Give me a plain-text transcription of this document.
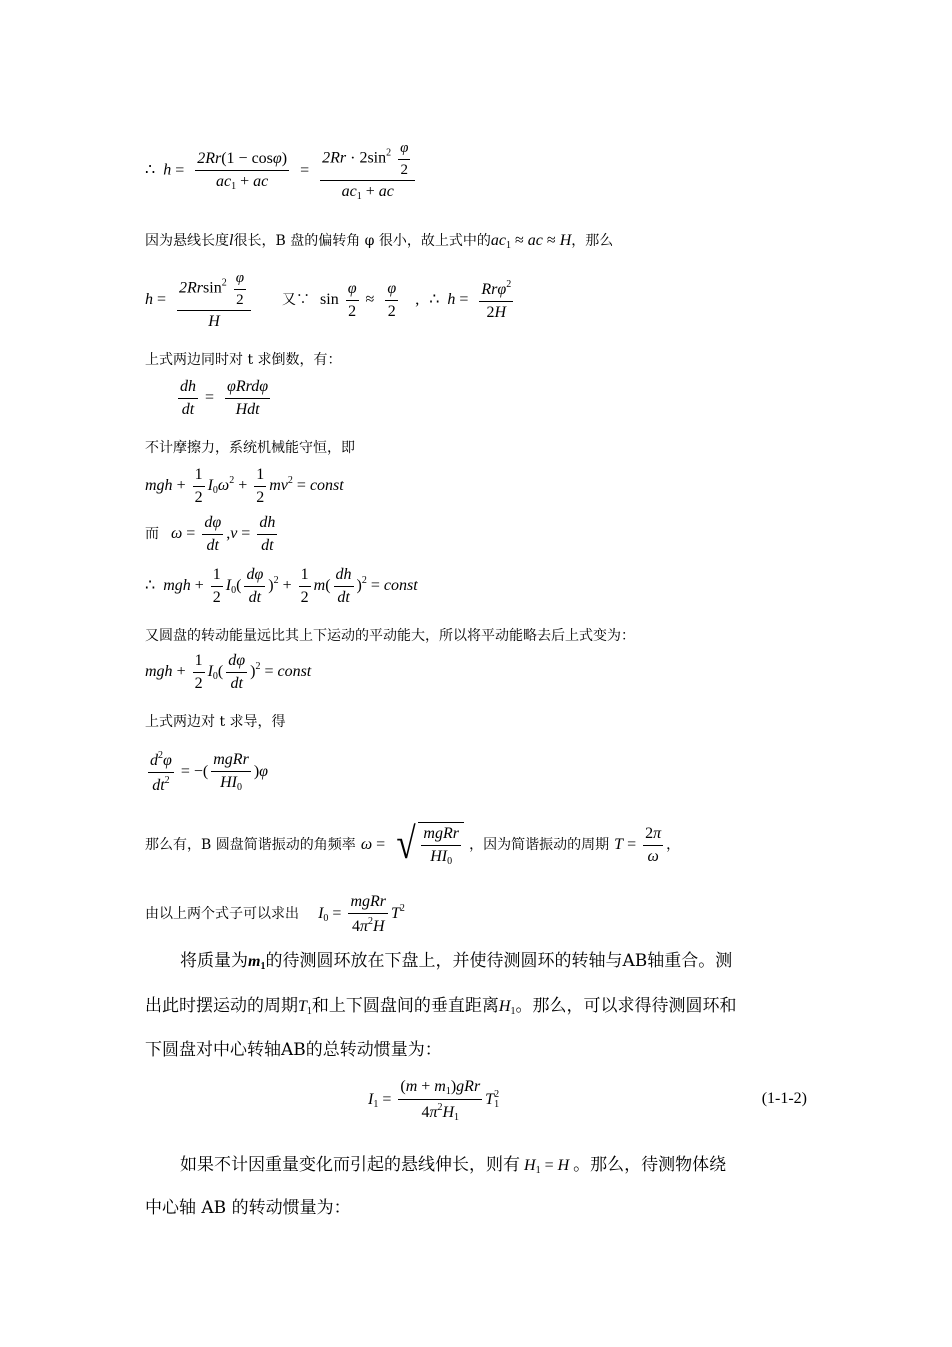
∴  $h = \frac{2Rr(1 - \cos\varphi)}{ac_1 + ac} = \frac{2Rr \cdot 2\sin^2 \frac{\varphi}{2}}{ac_1 + ac}$
因为悬线长度l很长，B 盘的偏转角 φ 很小，故上式中的$ac_1$ ≈ ac ≈ H，那么
$h = \frac{2Rrsin^2 \frac{\varphi}{2}}{H}$ 又∵ $\sin \frac{\varphi}{2} \approx \frac{\varphi}{2}$ , ∴  $h = \frac{Rr\varphi^2}{2H}$
上式两边同时对 t 求倒数，有：
$\frac{dh}{dt} = \frac{\text{φRrdφ}}{\text{Hdt}}$
不计摩擦力，系统机械能守恒，即
mgh + $\frac{1}{2} I_0\omega^2 + \frac{1}{2} mv^2$ = const
而   $\omega = \frac{d\varphi}{dt} ,v = \frac{dh}{dt}$
∴  mgh + $\frac{1}{2} I_0( \frac{d\varphi}{dt} )^2 + \frac{1}{2} m( \frac{dh}{dt} )^2$ = const
又圆盘的转动能量远比其上下运动的平动能大，所以将平动能略去后上式变为：
mgh + $\frac{1}{2} I_0( \frac{d\varphi}{dt} )^2$ = const
上式两边对 t 求导，得
$\frac{d^2\varphi}{dt^2}$ = −( $\frac{\text{mgRr}}{HI_0} )\varphi$
那么有，B 圆盘简谐振动的角频率 ω = √ $\frac{\text{mgRr}}{HI_0}$ ，因为简谐振动的周期 $T = \frac{2\pi}{\omega}$ ，
由以上两个式子可以求出 $I_0 = \frac{\text{mgRr}}{4\pi^2H} T^2$
将质量为$m_1$的待测圆环放在下盘上，并使待测圆环的转轴与AB轴重合。测
出此时摆运动的周期$T_1$和上下圆盘间的垂直距离$H_1$。那么，可以求得待测圆环和
下圆盘对中心转轴AB的总转动惯量为：
$I_1 = \frac{(m + m_1)gRr}{4\pi^2H_1} T_1^2$	(1-1-2)
如果不计因重量变化而引起的悬线伸长，则有 $H_1 = H$ 。那么，待测物体绕
中心轴 AB 的转动惯量为：
